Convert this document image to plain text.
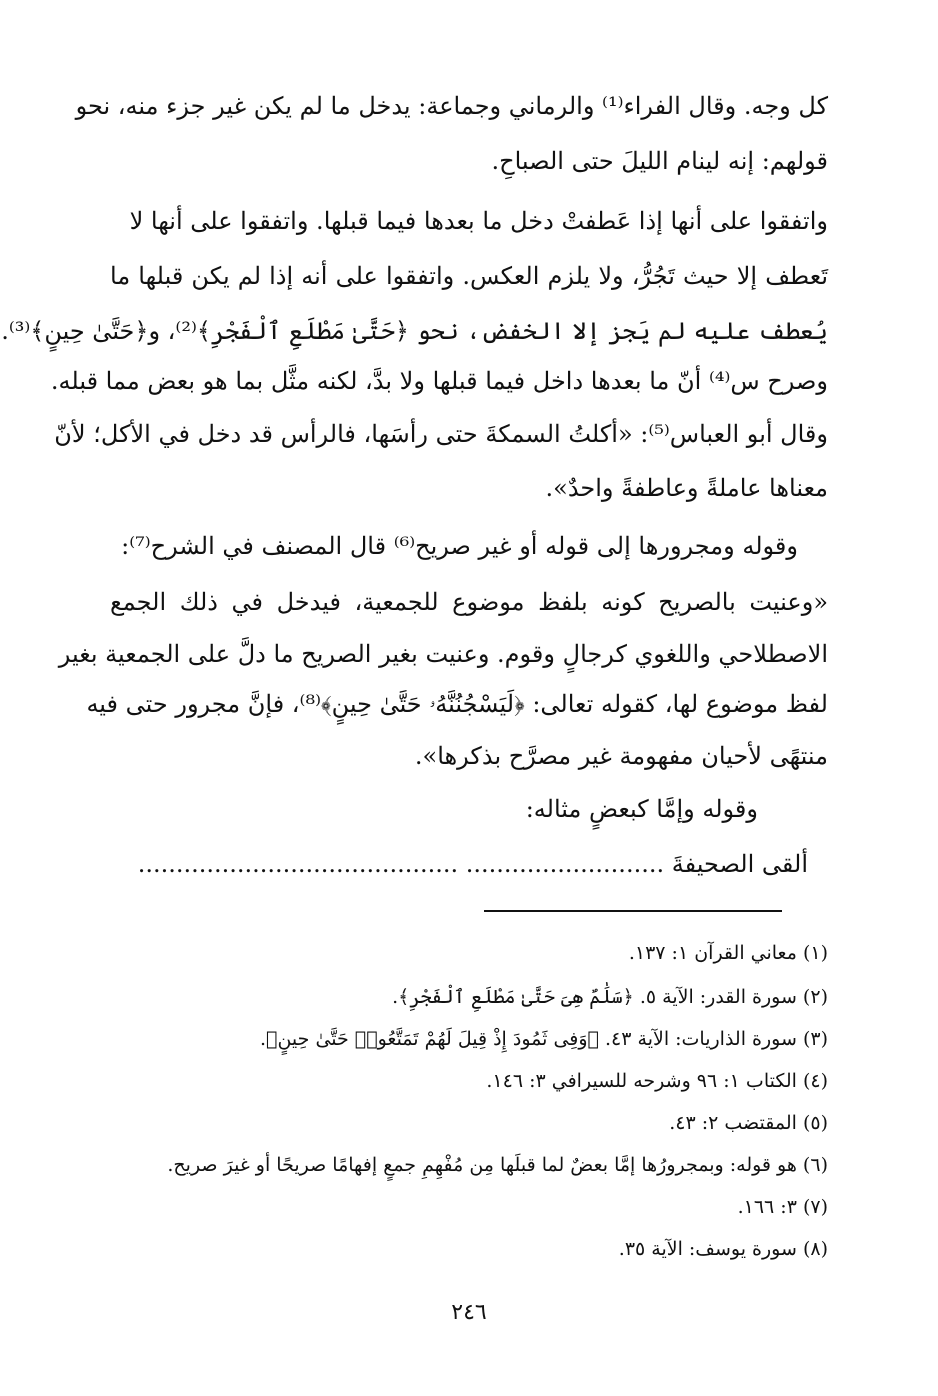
كل وجه. وقال الفراء⁽¹⁾ والرماني وجماعة: يدخل ما لم يكن غير جزء منه، نحو
قولهم: إنه لينام الليلَ حتى الصباحِ.
واتفقوا على أنها إذا عَطفتْ دخل ما بعدها فيما قبلها. واتفقوا على أنها لا
تَعطف إلا حيث تَجُرُّ، ولا يلزم العكس. واتفقوا على أنه إذا لم يكن قبلها ما
يُعطف عليه لم يَجز إلا الخفض، نحو ﴿حَتَّىٰ مَطْلَعِ ٱلْفَجْرِ﴾⁽²⁾، و﴿حَتَّىٰ حِينٍ﴾⁽³⁾.
وصرح س⁽⁴⁾ أنّ ما بعدها داخل فيما قبلها ولا بدَّ، لكنه مثَّل بما هو بعض مما قبله.
وقال أبو العباس⁽⁵⁾: «أكلتُ السمكةَ حتى رأسَها، فالرأس قد دخل في الأكل؛ لأنّ
معناها عاملةً وعاطفةً واحدٌ».
وقوله ومجرورها إلى قوله أو غير صريح⁽⁶⁾ قال المصنف في الشرح⁽⁷⁾:
«وعنيت بالصريح كونه بلفظ موضوع للجمعية، فيدخل في ذلك الجمع
الاصطلاحي واللغوي كرجالٍ وقوم. وعنيت بغير الصريح ما دلَّ على الجمعية بغير
لفظ موضوع لها، كقوله تعالى: ﴿لَيَسْجُنُنَّهُۥ حَتَّىٰ حِينٍ﴾⁽⁸⁾، فإنَّ مجرور حتى فيه
منتهًى لأحيان مفهومة غير مصرَّح بذكرها».
وقوله وإمَّا كبعضٍ مثاله:
ألقى الصحيفةَ .......................... ..........................................
(١) معاني القرآن ١: ١٣٧.
(٢) سورة القدر: الآية ٥. ﴿سَلَٰمٌ هِىَ حَتَّىٰ مَطْلَعِ ٱلْفَجْرِ﴾.
(٣) سورة الذاريات: الآية ٤٣. ﴿وَفِى ثَمُودَ إِذْ قِيلَ لَهُمْ تَمَتَّعُوا۟ حَتَّىٰ حِينٍ﴾.
(٤) الكتاب ١: ٩٦ وشرحه للسيرافي ٣: ١٤٦.
(٥) المقتضب ٢: ٤٣.
(٦) هو قوله: وبمجرورُها إمَّا بعضٌ لما قبلَها مِن مُفْهِمِ جمعٍ إفهامًا صريحًا أو غيرَ صريح.
(٧) ٣: ١٦٦.
(٨) سورة يوسف: الآية ٣٥.
٢٤٦
